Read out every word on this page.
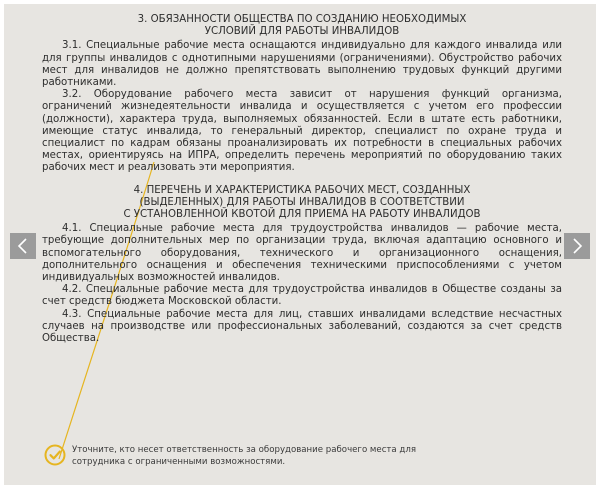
3. ОБЯЗАННОСТИ ОБЩЕСТВА ПО СОЗДАНИЮ НЕОБХОДИМЫХ
УСЛОВИЙ ДЛЯ РАБОТЫ ИНВАЛИДОВ

3.1. Специальные рабочие места оснащаются индивидуально для каждого инвалида или для группы инвалидов с однотипными нарушениями (ограничениями). Обустройство рабочих мест для инвалидов не должно препятствовать выполнению трудовых функций другими работниками.

3.2. Оборудование рабочего места зависит от нарушения функций организма, ограничений жизнедеятельности инвалида и осуществляется с учетом его профессии (должности), характера труда, выполняемых обязанностей. Если в штате есть работники, имеющие статус инвалида, то генеральный директор, специалист по охране труда и специалист по кадрам обязаны проанализировать их потребности в специальных рабочих местах, ориентируясь на ИПРА, определить перечень мероприятий по оборудованию таких рабочих мест и реализовать эти мероприятия.

4. ПЕРЕЧЕНЬ И ХАРАКТЕРИСТИКА РАБОЧИХ МЕСТ, СОЗДАННЫХ
(ВЫДЕЛЕННЫХ) ДЛЯ РАБОТЫ ИНВАЛИДОВ В СООТВЕТСТВИИ
С УСТАНОВЛЕННОЙ КВОТОЙ ДЛЯ ПРИЕМА НА РАБОТУ ИНВАЛИДОВ

4.1. Специальные рабочие места для трудоустройства инвалидов — рабочие места, требующие дополнительных мер по организации труда, включая адаптацию основного и вспомогательного оборудования, технического и организационного оснащения, дополнительного оснащения и обеспечения техническими приспособлениями с учетом индивидуальных возможностей инвалидов.

4.2. Специальные рабочие места для трудоустройства инвалидов в Обществе созданы за счет средств бюджета Московской области.

4.3. Специальные рабочие места для лиц, ставших инвалидами вследствие несчастных случаев на производстве или профессиональных заболеваний, создаются за счет средств Общества.

Уточните, кто несет ответственность за оборудование рабочего места для сотрудника с ограниченными возможностями.
